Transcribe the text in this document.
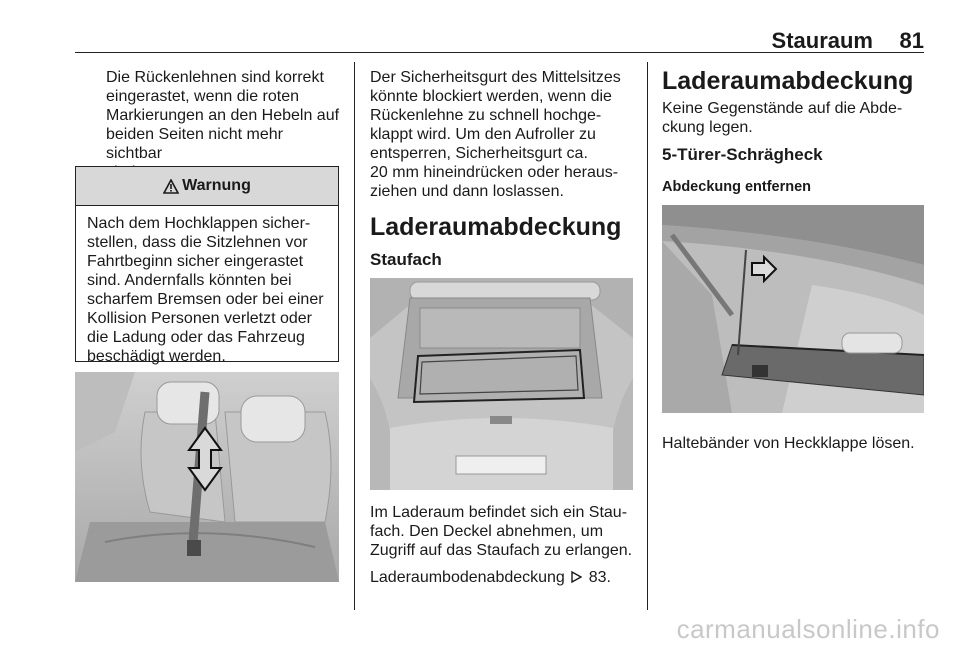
Stauraum 81

Die Rückenlehnen sind korrekt

eingerastet, wenn die roten

Markierungen an den Hebeln auf

beiden Seiten nicht mehr sichtbar

Warnung

Nach dem Hochklappen sicher-

stellen, dass die Sitzlehnen vor

Fahrtbeginn sicher eingerastet

sind. Andernfalls könnten bei

scharfem Bremsen oder bei einer

Kollision Personen verletzt oder

die Ladung oder das Fahrzeug

beschädigt werden.

Der Sicherheitsgurt des Mittelsitzes

könnte blockiert werden, wenn die

Rückenlehne zu schnell hochge-

klappt wird. Um den Aufroller zu

entsperren, Sicherheitsgurt ca.

20 mm hineindrücken oder heraus-

ziehen und dann loslassen.

Laderaumabdeckung
Staufach

Im Laderaum befindet sich ein Stau-

fach. Den Deckel abnehmen, um

Zugriff auf das Staufach zu erlangen.

Laderaumbodenabdeckung 83.
Laderaumabdeckung

Keine Gegenstände auf die Abde-

ckung legen.

5-Türer-Schrägheck
Abdeckung entfernen
Haltebänder von Heckklappe lösen.
carmanualsonline.info
